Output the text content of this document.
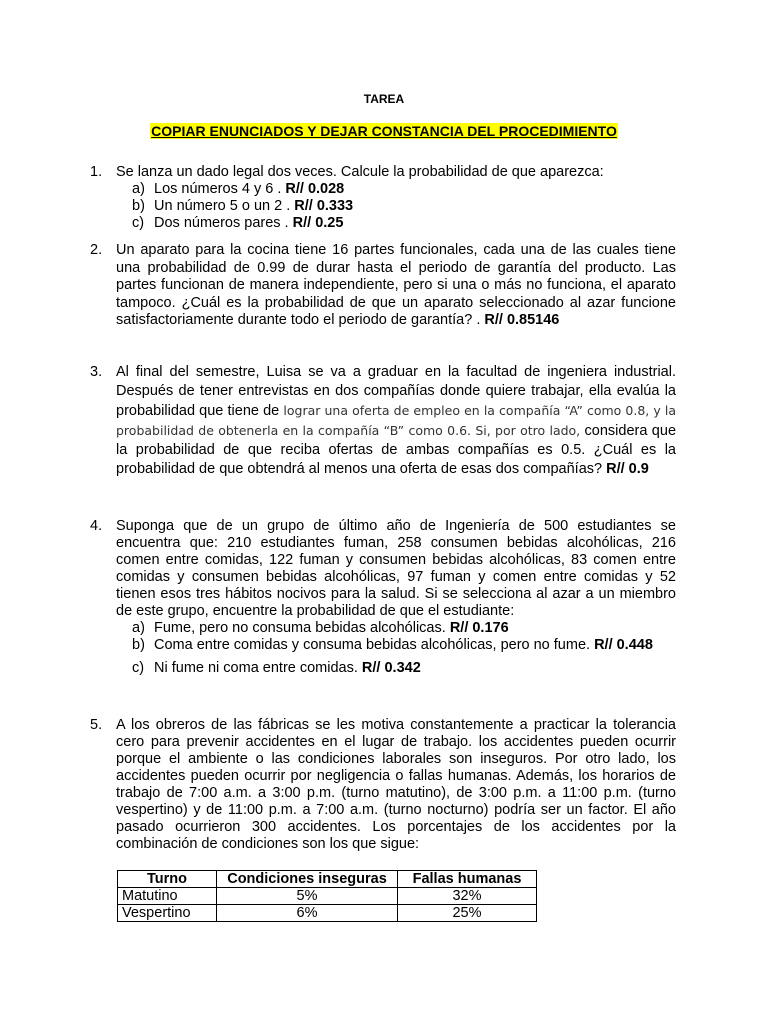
TAREA
COPIAR ENUNCIADOS Y DEJAR CONSTANCIA DEL PROCEDIMIENTO
1. Se lanza un dado legal dos veces. Calcule la probabilidad de que aparezca:

a) Los números 4 y 6 . R// 0.028
b) Un número 5 o un 2 . R// 0.333
c) Dos números pares . R// 0.25
2. Un aparato para la cocina tiene 16 partes funcionales, cada una de las cuales tiene una probabilidad de 0.99 de durar hasta el periodo de garantía del producto. Las partes funcionan de manera independiente, pero si una o más no funciona, el aparato tampoco. ¿Cuál es la probabilidad de que un aparato seleccionado al azar funcione satisfactoriamente durante todo el periodo de garantía? . R// 0.85146

3. Al final del semestre, Luisa se va a graduar en la facultad de ingeniera industrial. Después de tener entrevistas en dos compañías donde quiere trabajar, ella evalúa la probabilidad que tiene de lograr una oferta de empleo en la compañía “A” como 0.8, y la probabilidad de obtenerla en la compañía “B” como 0.6. Si, por otro lado, considera que la probabilidad de que reciba ofertas de ambas compañías es 0.5. ¿Cuál es la probabilidad de que obtendrá al menos una oferta de esas dos compañías? R// 0.9

4. Suponga que de un grupo de último año de Ingeniería de 500 estudiantes se encuentra que: 210 estudiantes fuman, 258 consumen bebidas alcohólicas, 216 comen entre comidas, 122 fuman y consumen bebidas alcohólicas, 83 comen entre comidas y consumen bebidas alcohólicas, 97 fuman y comen entre comidas y 52 tienen esos tres hábitos nocivos para la salud. Si se selecciona al azar a un miembro de este grupo, encuentre la probabilidad de que el estudiante:

a) Fume, pero no consuma bebidas alcohólicas. R// 0.176
b) Coma entre comidas y consuma bebidas alcohólicas, pero no fume. R// 0.448
c) Ni fume ni coma entre comidas. R// 0.342
5. A los obreros de las fábricas se les motiva constantemente a practicar la tolerancia cero para prevenir accidentes en el lugar de trabajo. los accidentes pueden ocurrir porque el ambiente o las condiciones laborales son inseguros. Por otro lado, los accidentes pueden ocurrir por negligencia o fallas humanas. Además, los horarios de trabajo de 7:00 a.m. a 3:00 p.m. (turno matutino), de 3:00 p.m. a 11:00 p.m. (turno vespertino) y de 11:00 p.m. a 7:00 a.m. (turno nocturno) podría ser un factor. El año pasado ocurrieron 300 accidentes. Los porcentajes de los accidentes por la combinación de condiciones son los que sigue:

Turno	Condiciones inseguras	Fallas humanas
Matutino	5%	32%
Vespertino	6%	25%
